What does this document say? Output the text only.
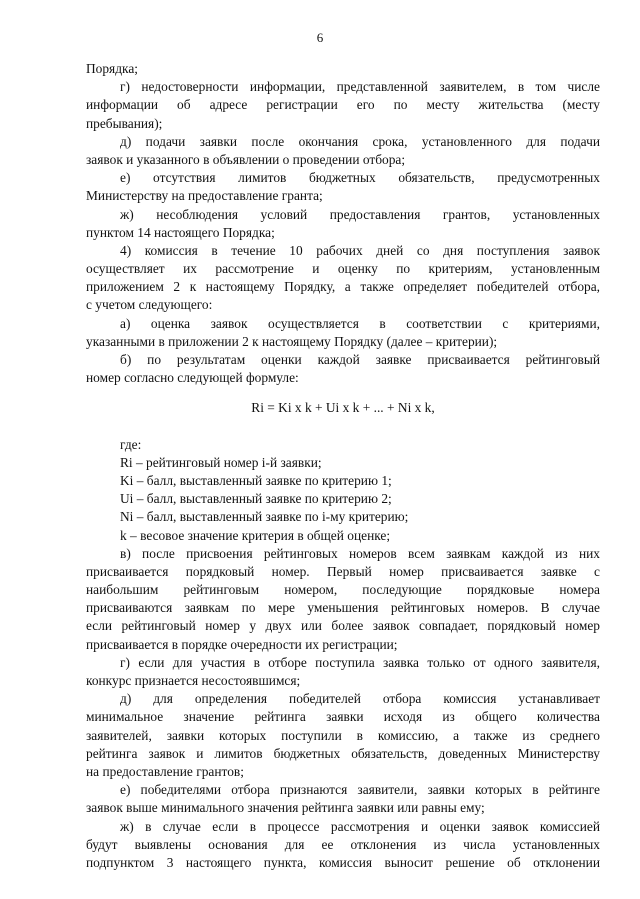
6
Порядка;
г) недостоверности информации, представленной заявителем, в том числе
информации об адресе регистрации его по месту жительства (месту
пребывания);
д) подачи заявки после окончания срока, установленного для подачи
заявок и указанного в объявлении о проведении отбора;
е) отсутствия лимитов бюджетных обязательств, предусмотренных
Министерству на предоставление гранта;
ж) несоблюдения условий предоставления грантов, установленных
пунктом 14 настоящего Порядка;
4) комиссия в течение 10 рабочих дней со дня поступления заявок
осуществляет их рассмотрение и оценку по критериям, установленным
приложением 2 к настоящему Порядку, а также определяет победителей отбора,
с учетом следующего:
а) оценка заявок осуществляется в соответствии с критериями,
указанными в приложении 2 к настоящему Порядку (далее – критерии);
б) по результатам оценки каждой заявке присваивается рейтинговый
номер согласно следующей формуле:
Ri = Ki x k + Ui x k + ... + Ni x k,
где:
Ri – рейтинговый номер i-й заявки;
Ki – балл, выставленный заявке по критерию 1;
Ui – балл, выставленный заявке по критерию 2;
Ni – балл, выставленный заявке по i-му критерию;
k – весовое значение критерия в общей оценке;
в) после присвоения рейтинговых номеров всем заявкам каждой из них
присваивается порядковый номер. Первый номер присваивается заявке с
наибольшим рейтинговым номером, последующие порядковые номера
присваиваются заявкам по мере уменьшения рейтинговых номеров. В случае
если рейтинговый номер у двух или более заявок совпадает, порядковый номер
присваивается в порядке очередности их регистрации;
г) если для участия в отборе поступила заявка только от одного заявителя,
конкурс признается несостоявшимся;
д) для определения победителей отбора комиссия устанавливает
минимальное значение рейтинга заявки исходя из общего количества
заявителей, заявки которых поступили в комиссию, а также из среднего
рейтинга заявок и лимитов бюджетных обязательств, доведенных Министерству
на предоставление грантов;
е) победителями отбора признаются заявители, заявки которых в рейтинге
заявок выше минимального значения рейтинга заявки или равны ему;
ж) в случае если в процессе рассмотрения и оценки заявок комиссией
будут выявлены основания для ее отклонения из числа установленных
подпунктом 3 настоящего пункта, комиссия выносит решение об отклонении
